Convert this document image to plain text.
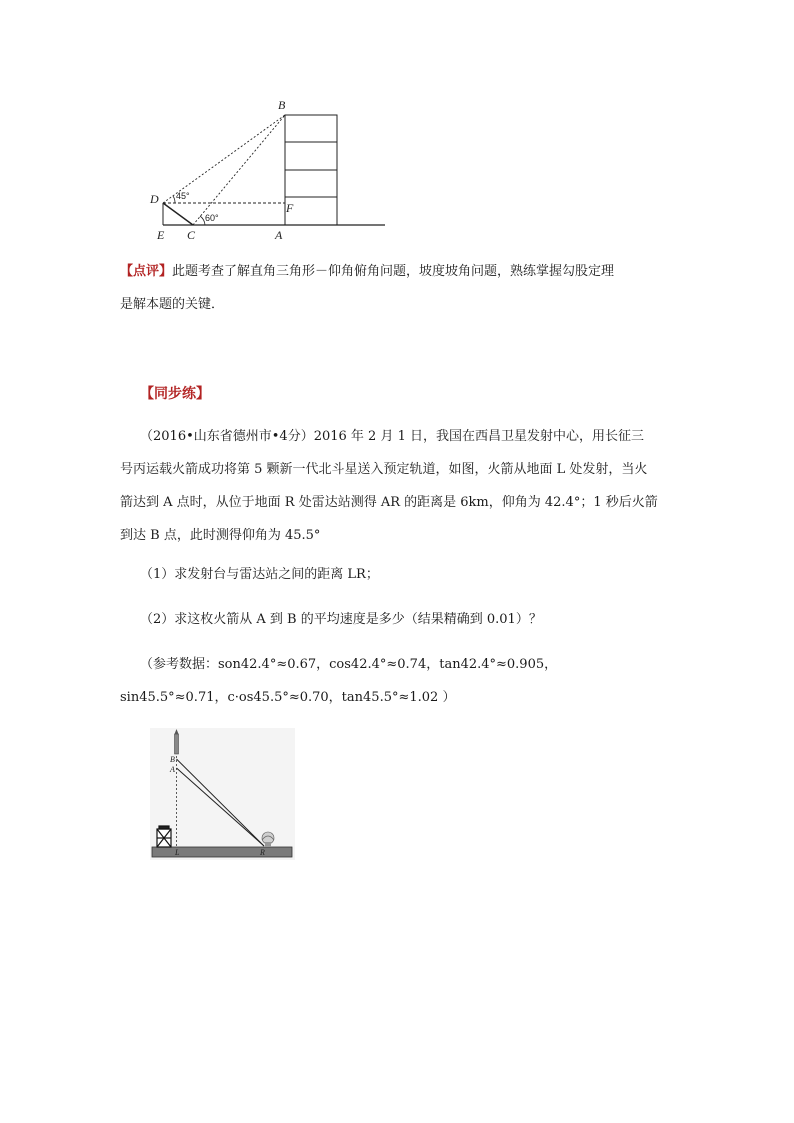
B
D
F
E C	A
45°
60°
【点评】此题考查了解直角三角形－仰角俯角问题，坡度坡角问题，熟练掌握勾股定理
是解本题的关键．
【同步练】
（2016•山东省德州市•4分）2016 年 2 月 1 日，我国在西昌卫星发射中心，用长征三
号丙运载火箭成功将第 5 颗新一代北斗星送入预定轨道，如图，火箭从地面 L 处发射，当火
箭达到 A 点时，从位于地面 R 处雷达站测得 AR 的距离是 6km，仰角为 42.4°；1 秒后火箭
到达 B 点，此时测得仰角为 45.5°
（1）求发射台与雷达站之间的距离 LR；
（2）求这枚火箭从 A 到 B 的平均速度是多少（结果精确到 0.01）？
（参考数据：son42.4°≈0.67，cos42.4°≈0.74，tan42.4°≈0.905，
sin45.5°≈0.71，c·os45.5°≈0.70，tan45.5°≈1.02 ）
B
A
L	R
